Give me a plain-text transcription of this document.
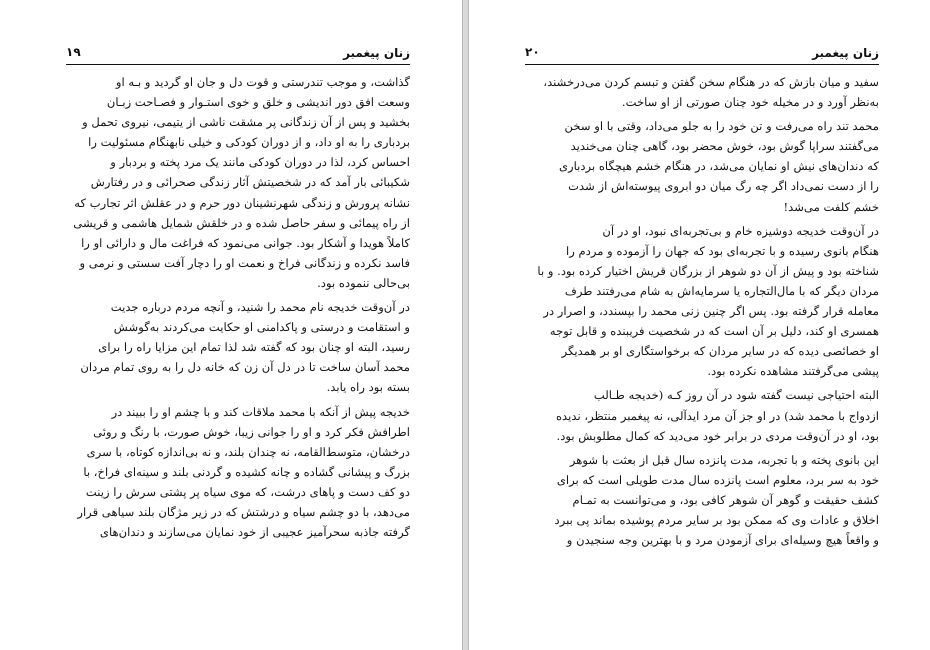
زنان پیغمبر
۱۹
گذاشت، و موجب تندرستی و قوت دل و جان او گردید و بـه او
وسعت افق دور اندیشی و خلق و خوی استـوار و فصـاحت زبـان
بخشید و پس از آن زندگانی پر مشقت ناشی از یتیمی، نیروی تحمل و
بردباری را به او داد، و از دوران کودکی و خیلی نابهنگام مسئولیت را
احساس کرد، لذا در دوران کودکی مانند یک مرد پخته و بردبار و
شکیبائی بار آمد که در شخصیتش آثار زندگی صحرائی و در رفتارش
نشانه پرورش و زندگی شهرنشینان دور حرم و در عقلش اثر تجارب که
از راه پیمائی و سفر حاصل شده و در خلقش شمایل هاشمی و قریشی
کاملاً هویدا و آشکار بود. جوانی می‌نمود که فراغت مال و دارائی او را
فاسد نکرده و زندگانی فراخ و نعمت او را دچار آفت سستی و نرمی و
بی‌حالی ننموده بود.
در آن‌وقت خدیجه نام محمد را شنید، و آنچه مردم درباره جدیت
و استقامت و درستی و پاکدامنی او حکایت می‌کردند به‌گوشش
رسید، البته او چنان بود که گفته شد لذا تمام این مزایا راه را برای
محمد آسان ساخت تا در دل آن زن که خانه دل را به روی تمام مردان
بسته بود راه یابد.
خدیجه پیش از آنکه با محمد ملاقات کند و با چشم او را ببیند در
اطرافش فکر کرد و او را جوانی زیبا، خوش صورت، با رنگ و روئی
درخشان، متوسط‌القامه، نه چندان بلند، و نه بی‌اندازه کوتاه، با سری
بزرگ و پیشانی گشاده و چانه کشیده و گردنی بلند و سینه‌ای فراخ، با
دو کف دست و پاهای درشت، که موی سیاه پر پشتی سرش را زینت
می‌دهد، با دو چشم سیاه و درشتش که در زیر مژگان بلند سیاهی قرار
گرفته جاذبه سحرآمیز عجیبی از خود نمایان می‌سازند و دندان‌های
زنان پیغمبر
۲۰
سفید و میان بازش که در هنگام سخن گفتن و تبسم کردن می‌درخشند،
به‌نظر آورد و در مخیله خود چنان صورتی از او ساخت.
محمد تند راه می‌رفت و تن خود را به جلو می‌داد، وقتی با او سخن
می‌گفتند سراپا گوش بود، خوش محضر بود، گاهی چنان می‌خندید
که دندان‌های نیش او نمایان می‌شد، در هنگام خشم هیچگاه بردباری
را از دست نمی‌داد اگر چه رگ میان دو ابروی پیوسته‌اش از شدت
خشم کلفت می‌شد!
در آن‌وقت خدیجه دوشیزه خام و بی‌تجربه‌ای نبود، او در آن
هنگام بانوی رسیده و با تجربه‌ای بود که جهان را آزموده و مردم را
شناخته بود و پیش از آن دو شوهر از بزرگان قریش اختیار کرده بود. و با
مردان دیگر که با مال‌التجاره یا سرمایه‌اش به شام می‌رفتند طرف
معامله قرار گرفته بود. پس اگر چنین زنی محمد را بپسندد، و اصرار در
همسری او کند، دلیل بر آن است که در شخصیت فریبنده و قابل توجه
او خصائصی دیده که در سایر مردان که برخواستگاری او بر همدیگر
پیشی می‌گرفتند مشاهده نکرده بود.
البته احتیاجی نیست گفته شود در آن روز کـه (خدیجه طـالب
ازدواج با محمد شد) در او جز آن مرد ایدآلی، نه پیغمبر منتظر، ندیده
بود، او در آن‌وقت مردی در برابر خود می‌دید که کمال مطلوبش بود.
این بانوی پخته و با تجربه، مدت پانزده سال قبل از بعثت با شوهر
خود به سر برد، معلوم است پانزده سال مدت طویلی است که برای
کشف حقیقت و گوهر آن شوهر کافی بود، و می‌توانست به تمـام
اخلاق و عادات وی که ممکن بود بر سایر مردم پوشیده بماند پی ببرد
و واقعاً هیچ وسیله‌ای برای آزمودن مرد و با بهترین وجه سنجیدن و
